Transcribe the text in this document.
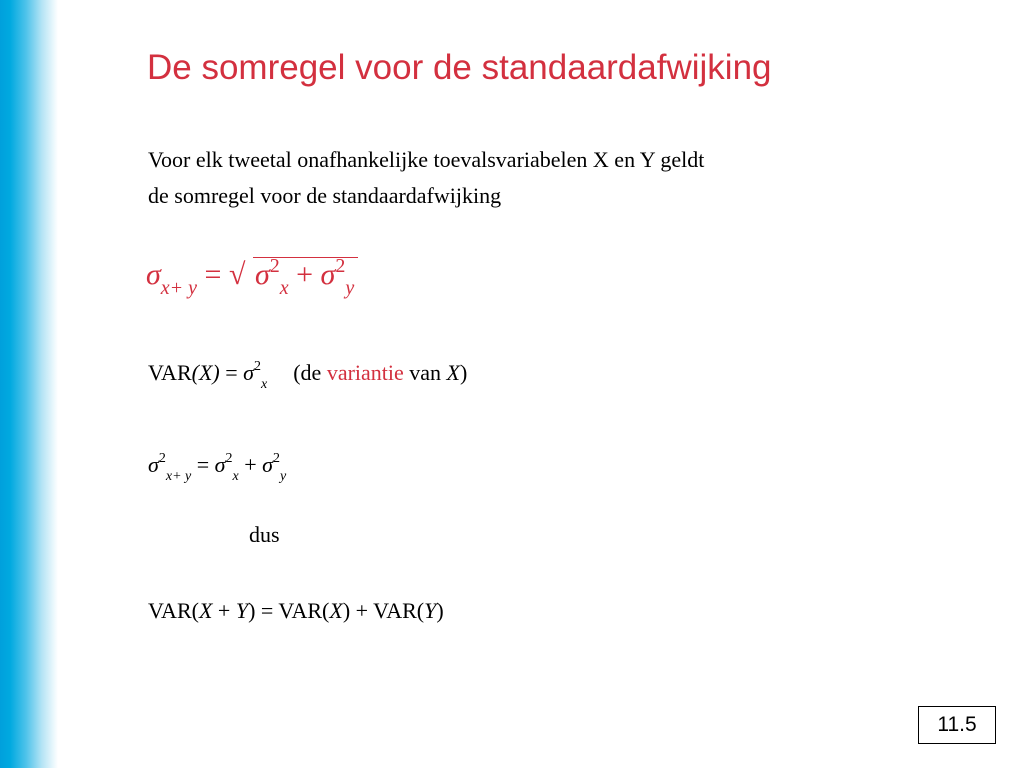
De somregel voor de standaardafwijking
Voor elk tweetal onafhankelijke toevalsvariabelen X en Y geldt
de somregel voor de standaardafwijking
$\sigma_{x+ y}$ = √ $\sigma^2_x + \sigma^2_y$
$VAR(X) = \sigma^2_x$ (de variantie van X)
$\sigma^2_{x+ y} = \sigma^2_x + \sigma^2_y$
dus
VAR(X + Y) = VAR(X) + VAR(Y)
11.5
